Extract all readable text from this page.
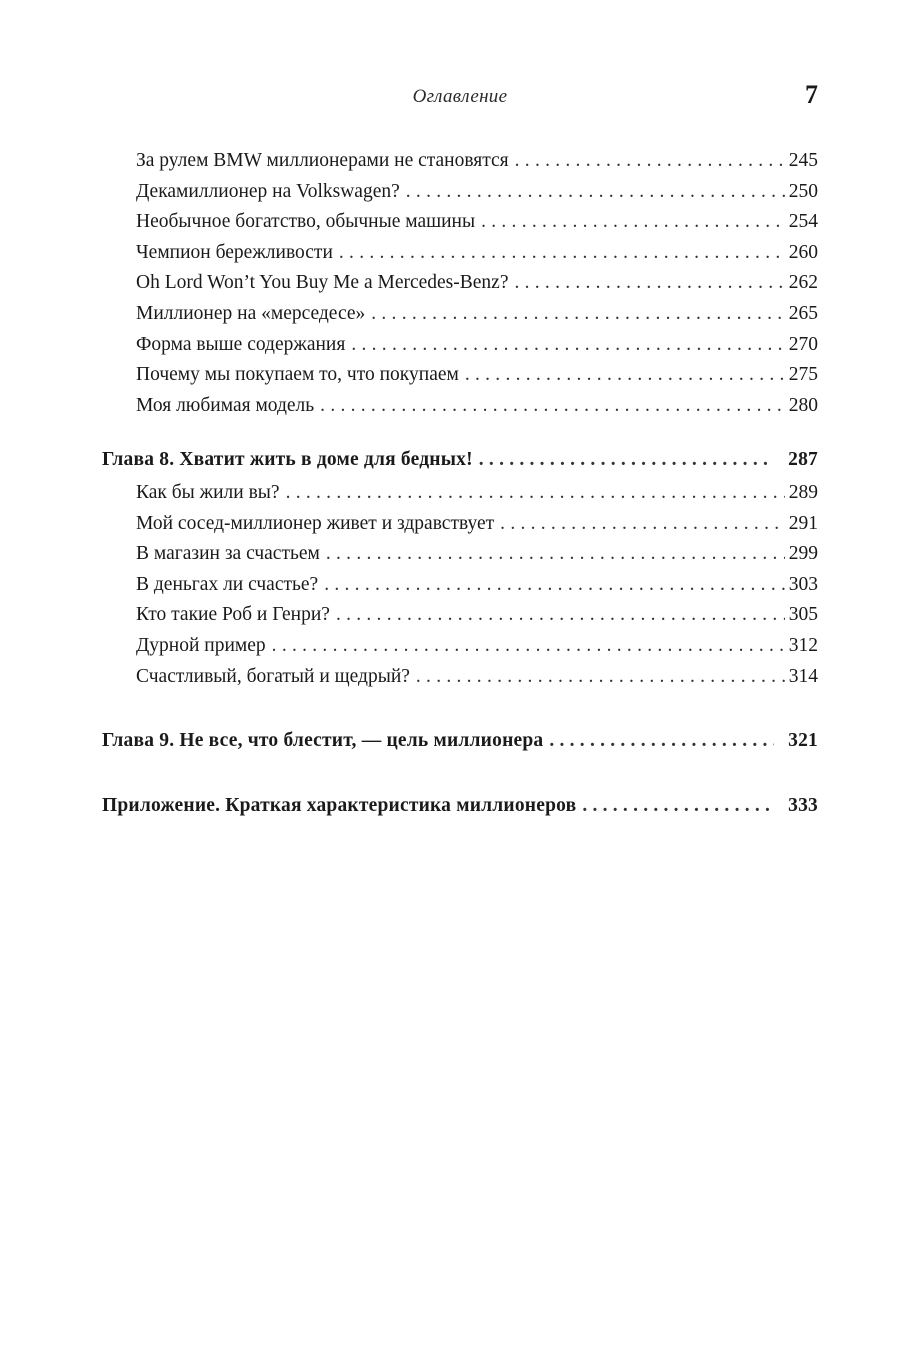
Оглавление	7
За рулем BMW миллионерами не становятся . . .	245
Декамиллионер на Volkswagen? . . .	250
Необычное богатство, обычные машины . . .	254
Чемпион бережливости . . .	260
Oh Lord Won’t You Buy Me a Mercedes-Benz? . . .	262
Миллионер на «мерседесе» . . .	265
Форма выше содержания . . .	270
Почему мы покупаем то, что покупаем . . .	275
Моя любимая модель . . .	280
Глава 8. Хватит жить в доме для бедных! . . .	287
Как бы жили вы? . . .	289
Мой сосед-миллионер живет и здравствует . . .	291
В магазин за счастьем . . .	299
В деньгах ли счастье? . . .	303
Кто такие Роб и Генри? . . .	305
Дурной пример . . .	312
Счастливый, богатый и щедрый? . . .	314
Глава 9. Не все, что блестит, — цель миллионера . . .	321
Приложение. Краткая характеристика миллионеров . . .	333
